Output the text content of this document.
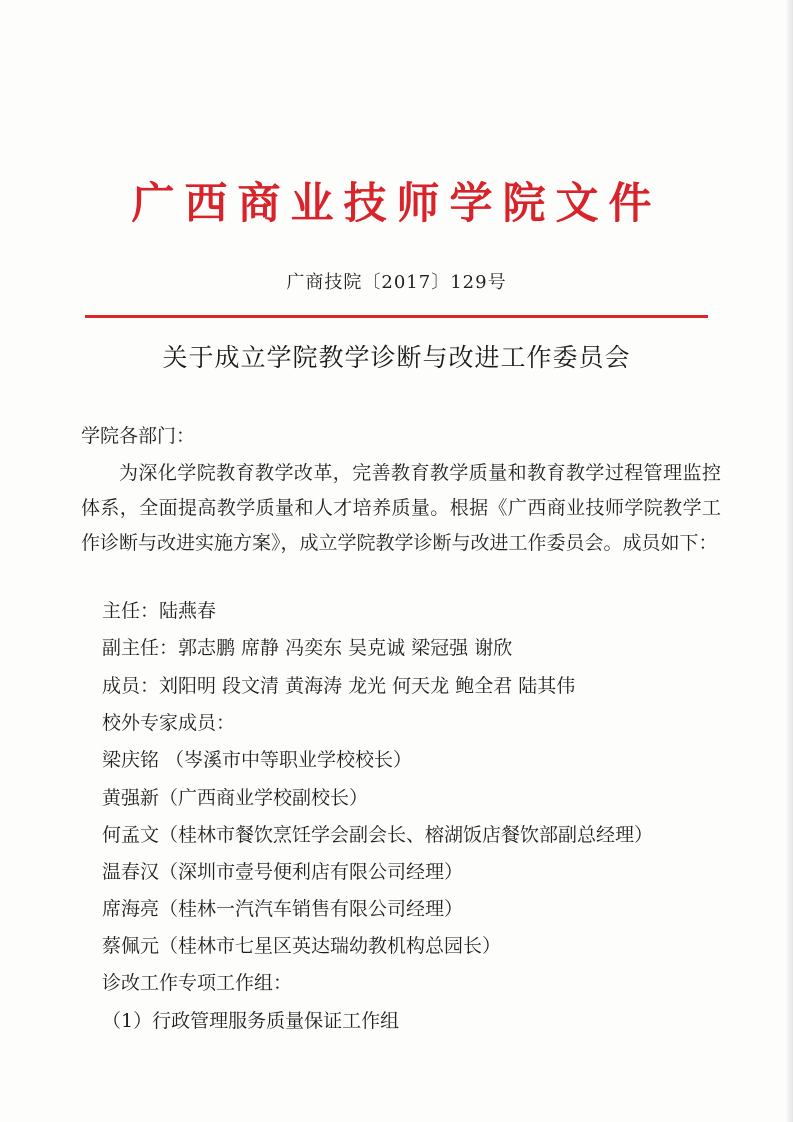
广西商业技师学院文件
广商技院〔2017〕129号
关于成立学院教学诊断与改进工作委员会
学院各部门：
为深化学院教育教学改革，完善教育教学质量和教育教学过程管理监控体系，全面提高教学质量和人才培养质量。根据《广西商业技师学院教学工作诊断与改进实施方案》，成立学院教学诊断与改进工作委员会。成员如下：
主任：陆燕春
副主任：郭志鹏 席静 冯奕东 吴克诚 梁冠强 谢欣
成员：刘阳明 段文清 黄海涛 龙光 何天龙 鲍全君 陆其伟
校外专家成员：
梁庆铭 （岑溪市中等职业学校校长）
黄强新（广西商业学校副校长）
何孟文（桂林市餐饮烹饪学会副会长、榕湖饭店餐饮部副总经理）
温春汉（深圳市壹号便利店有限公司经理）
席海亮（桂林一汽汽车销售有限公司经理）
蔡佩元（桂林市七星区英达瑞幼教机构总园长）
诊改工作专项工作组：
（1）行政管理服务质量保证工作组
